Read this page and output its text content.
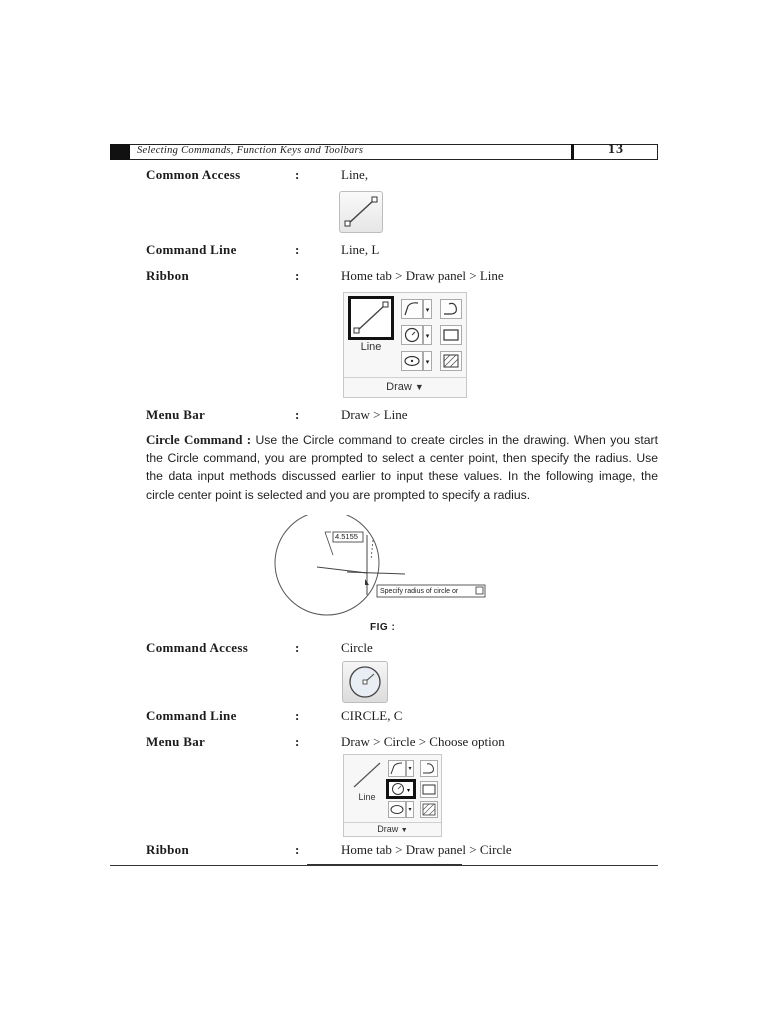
Selecting Commands, Function Keys and Toolbars	13
Common Access	:	Line,
Command Line	:	Line, L
Ribbon	:	Home tab > Draw panel > Line
Line
▾
▾
▾
Draw ▼
Menu Bar	:	Draw > Line
Circle Command : Use the Circle command to create circles in the drawing. When you start the Circle command, you are prompted to select a center point, then specify the radius. Use the data input methods discussed earlier to input these values. In the following image, the circle center point is selected and you are prompted to specify a radius.
4.5155
Specify radius of circle or
FIG :
Command Access	:	Circle
Command Line	:	CIRCLE, C
Menu Bar	:	Draw > Circle > Choose option
Line
▾
▾
▾
Draw ▼
Ribbon	:	Home tab > Draw panel > Circle
